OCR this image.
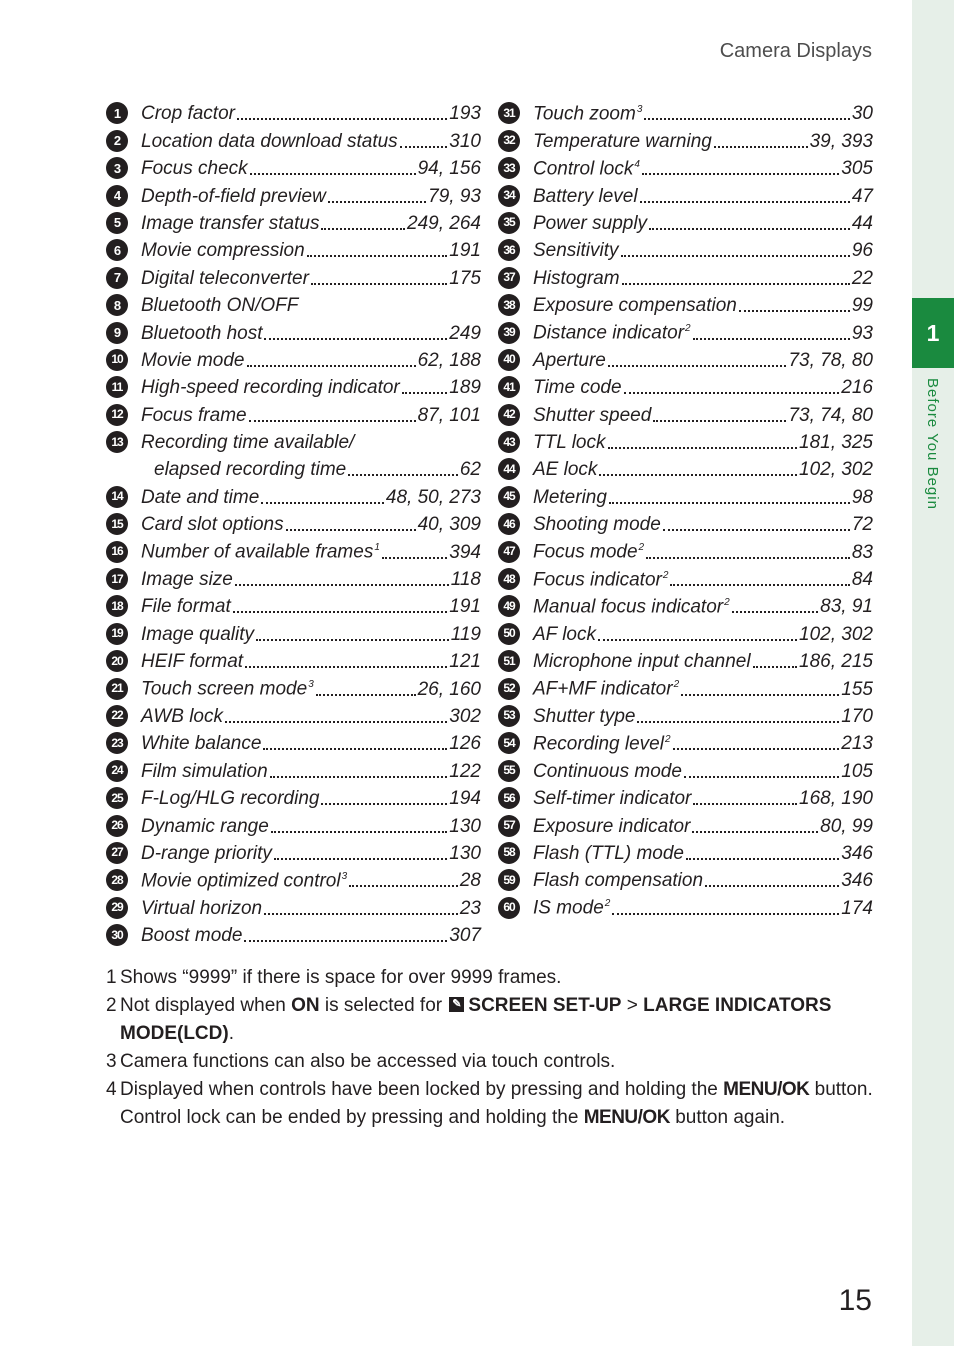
1
Before You Begin
Camera Displays
1	Crop factor	193
2	Location data download status	310
3	Focus check	94, 156
4	Depth-of-field preview	79, 93
5	Image transfer status	249, 264
6	Movie compression	191
7	Digital teleconverter	175
8	Bluetooth ON/OFF
9	Bluetooth host	249
10 Movie mode	62, 188
11 High-speed recording indicator	189
12 Focus frame	87, 101
13 Recording time available/
elapsed recording time	62
14 Date and time	48, 50, 273
15 Card slot options	40, 309
16 Number of available frames$^1$	394
17 Image size	118
18 File format	191
19 Image quality	119
20 HEIF format	121
21 Touch screen mode$^3$	26, 160
22 AWB lock	302
23 White balance	126
24 Film simulation	122
25 F-Log/HLG recording	194
26 Dynamic range	130
27 D-range priority	130
28 Movie optimized control$^3$	28
29 Virtual horizon	23
30 Boost mode	307
31 Touch zoom$^3$	30
32 Temperature warning	39, 393
33 Control lock$^4$	305
34 Battery level	47
35 Power supply	44
36 Sensitivity	96
37 Histogram	22
38 Exposure compensation	99
39 Distance indicator$^2$	93
40 Aperture	73, 78, 80
41 Time code	216
42 Shutter speed	73, 74, 80
43 TTL lock	181, 325
44 AE lock	102, 302
45 Metering	98
46 Shooting mode	72
47 Focus mode$^2$	83
48 Focus indicator$^2$	84
49 Manual focus indicator$^2$	83, 91
50 AF lock	102, 302
51 Microphone input channel	186, 215
52 AF+MF indicator$^2$	155
53 Shutter type	170
54 Recording level$^2$	213
55 Continuous mode	105
56 Self-timer indicator	168, 190
57 Exposure indicator	80, 99
58 Flash (TTL) mode	346
59 Flash compensation	346
60 IS mode$^2$	174
1 Shows “9999” if there is space for over 9999 frames.
2 Not displayed when ON is selected for ✎ SCREEN SET-UP > LARGE INDICATORS MODE(LCD).
3 Camera functions can also be accessed via touch controls.
4 Displayed when controls have been locked by pressing and holding the MENU/OK button. Control lock can be ended by pressing and holding the MENU/OK button again.
15
